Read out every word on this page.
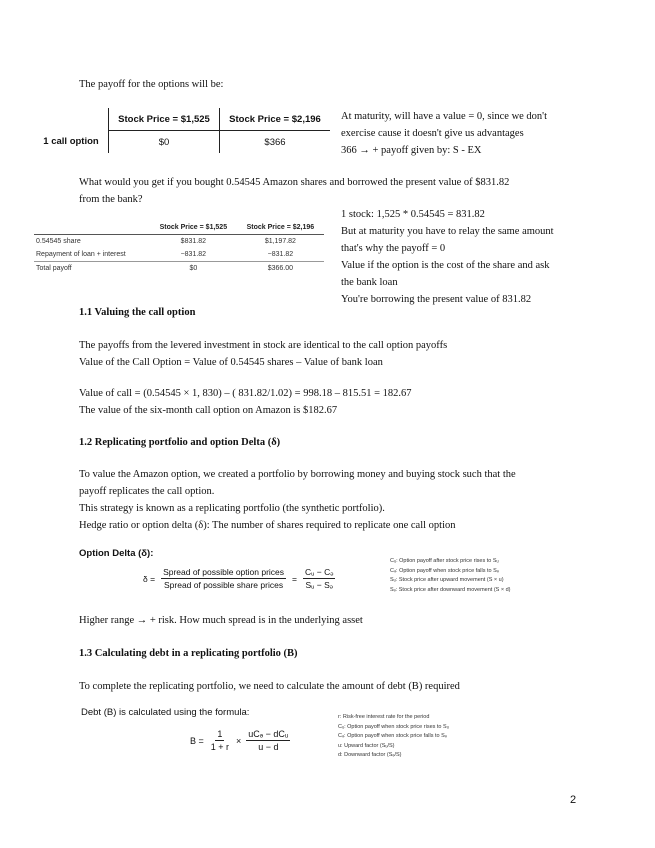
The payoff for the options will be:
	Stock Price = $1,525	Stock Price = $2,196
1 call option	$0	$366
At maturity, will have a value = 0, since we don't
exercise cause it doesn't give us advantages
366 → + payoff given by: S - EX
What would you get if you bought 0.54545 Amazon shares and borrowed the present value of $831.82
from the bank?
	Stock Price = $1,525	Stock Price = $2,196
0.54545 share	$831.82	$1,197.82
Repayment of loan + interest	−831.82	−831.82
Total payoff	$0	$366.00
1 stock: 1,525 * 0.54545 = 831.82
But at maturity you have to relay the same amount
that's why the payoff = 0
Value if the option is the cost of the share and ask
the bank loan
You're borrowing the present value of 831.82
1.1 Valuing the call option
The payoffs from the levered investment in stock are identical to the call option payoffs
Value of the Call Option = Value of 0.54545 shares – Value of bank loan
Value of call = (0.54545 × 1, 830) – ( 831.82/1.02) = 998.18 – 815.51 = 182.67
The value of the six-month call option on Amazon is $182.67
1.2 Replicating portfolio and option Delta (δ)
To value the Amazon option, we created a portfolio by borrowing money and buying stock such that the
payoff replicates the call option.
This strategy is known as a replicating portfolio (the synthetic portfolio).
Hedge ratio or option delta (δ): The number of shares required to replicate one call option
Option Delta (δ):
$\delta = \frac{\text{Spread of possible option prices}}{\text{Spread of possible share prices}} = \frac{\text{Cᵤ − Cₔ}}{\text{Sᵤ − Sₔ}}$
Cᵤ: Option payoff after stock price rises to Sᵤ
Cₔ: Option payoff when stock price falls to Sₔ
Sᵤ: Stock price after upward movement (S × u)
Sₔ: Stock price after downward movement (S × d)
Higher range → + risk. How much spread is in the underlying asset
1.3 Calculating debt in a replicating portfolio (B)
To complete the replicating portfolio, we need to calculate the amount of debt (B) required
Debt (B) is calculated using the formula:
$B = \frac{1}{1 + r} \times \frac{\text{uCₔ − dCᵤ}}{u - d}$
r: Risk-free interest rate for the period
Cᵤ: Option payoff when stock price rises to Sᵤ
Cₔ: Option payoff when stock price falls to Sₔ
u: Upward factor (Sᵤ/S)
d: Downward factor (Sₔ/S)
2
